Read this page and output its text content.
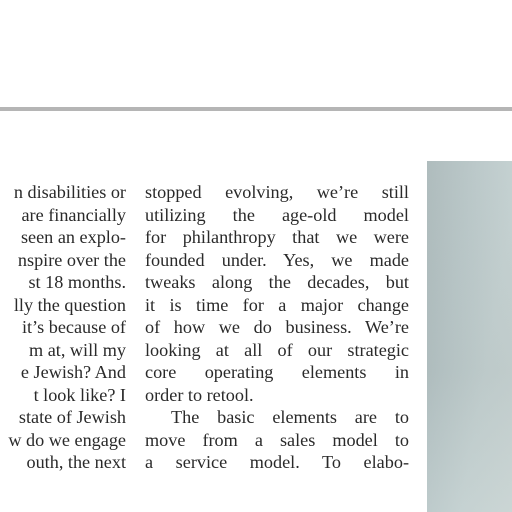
n disabilities or
are financially
seen an explo-
nspire over the
st 18 months.
lly the question
it’s because of
m at, will my
e Jewish? And
t look like? I
state of Jewish
w do we engage
outh, the next
stopped evolving, we’re still
utilizing the age-old model
for philanthropy that we were
founded under. Yes, we made
tweaks along the decades, but
it is time for a major change
of how we do business. We’re
looking at all of our strategic
core operating elements in
order to retool.
The basic elements are to
move from a sales model to
a service model. To elabo-
